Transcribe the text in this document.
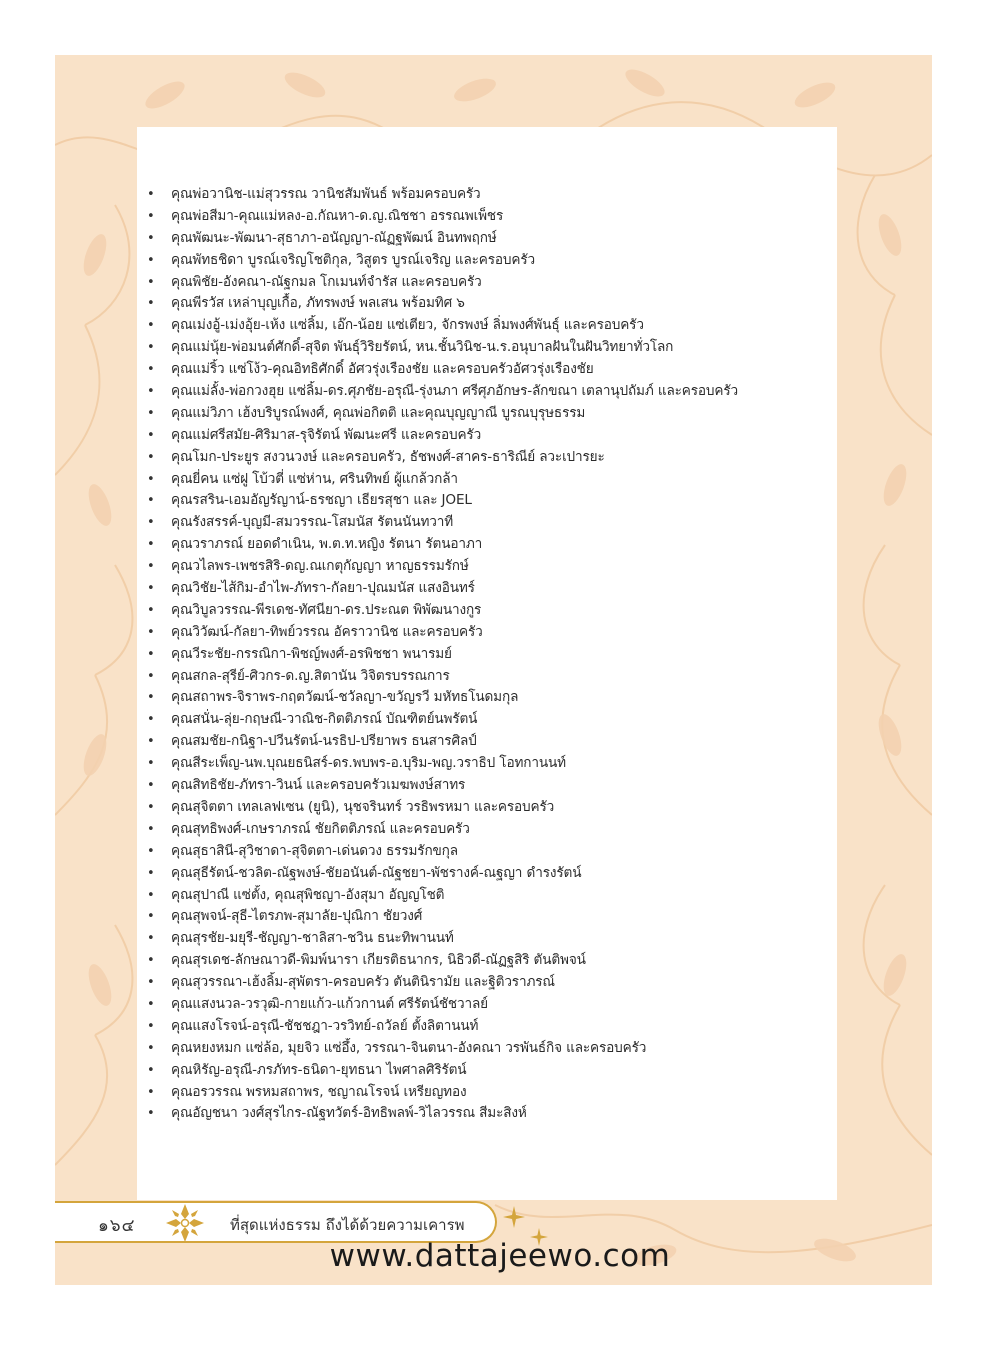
• คุณพ่อวานิช-แม่สุวรรณ วานิชสัมพันธ์ พร้อมครอบครัว
• คุณพ่อสีมา-คุณแม่หลง-อ.กัณหา-ด.ญ.ณิชชา อรรณพเพ็ชร
• คุณพัฒนะ-พัฒนา-สุธาภา-อนัญญา-ณัฏฐพัฒน์ อินทพฤกษ์
• คุณพัทธชิดา บูรณ์เจริญโชติกุล, วิสูตร บูรณ์เจริญ และครอบครัว
• คุณพิชัย-อังคณา-ณัฐกมล โกเมนท์จำรัส และครอบครัว
• คุณพีรวัส เหล่าบุญเกื้อ, ภัทรพงษ์ พลเสน พร้อมทิศ ๖
• คุณเม่งอู้-เม่งอุ้ย-เห้ง แซ่ลิ้ม, เอ๊ก-น้อย แซ่เตียว, จักรพงษ์ ลิ่มพงศ์พันธุ์ และครอบครัว
• คุณแม่นุ้ย-พ่อมนต์ศักดิ์-สุจิต พันธุ์วิริยรัตน์, หน.ชั้นวินิช-น.ร.อนุบาลฝันในฝันวิทยาทั่วโลก
• คุณแม่ริ้ว แซ่โง้ว-คุณอิทธิศักดิ์ อัศวรุ่งเรืองชัย และครอบครัวอัศวรุ่งเรืองชัย
• คุณแม่ลั้ง-พ่อกวงฮุย แซ่ลิ้ม-ดร.ศุภชัย-อรุณี-รุ่งนภา ศรีศุภอักษร-ลักขณา เตลานุปถัมภ์ และครอบครัว
• คุณแม่วิภา เฮ้งบริบูรณ์พงศ์, คุณพ่อกิตติ และคุณบุญญาณี บูรณบุรุษธรรม
• คุณแม่ศรีสมัย-ศิริมาส-รุจิรัตน์ พัฒนะศรี และครอบครัว
• คุณโมก-ประยูร สงวนวงษ์ และครอบครัว, ธัชพงศ์-สาคร-ธาริณีย์ ลวะเปารยะ
• คุณยี่คน แซ่ฝู โบ้วตี่ แซ่ห่าน, ศรินทิพย์ ผู้แกล้วกล้า
• คุณรสริน-เอมอัญรัญาน์-ธรชญา เธียรสุชา และ JOEL
• คุณรังสรรค์-บุญมี-สมวรรณ-โสมนัส รัตนนันทวาที
• คุณวราภรณ์ ยอดดำเนิน, พ.ต.ท.หญิง รัตนา รัตนอาภา
• คุณวไลพร-เพชรสิริ-ดญ.ณเกตุกัญญา หาญธรรมรักษ์
• คุณวิชัย-ไส้กิม-อำไพ-ภัทรา-กัลยา-ปุณมนัส แสงอินทร์
• คุณวิบูลวรรณ-พีรเดช-ทัศนียา-ดร.ประณต พิพัฒนางกูร
• คุณวิวัฒน์-กัลยา-ทิพย์วรรณ อัคราวานิช และครอบครัว
• คุณวีระชัย-กรรณิกา-พิชญ์พงศ์-อรพิชชา พนารมย์
• คุณสกล-สุรีย์-ศิวกร-ด.ญ.สิตานัน วิจิตรบรรณการ
• คุณสถาพร-จิราพร-กฤตวัฒน์-ชวัลญา-ขวัญรวี มหัทธโนดมกุล
• คุณสนั่น-ลุ่ย-กฤษณี-วาณิช-กิตติภรณ์ บัณฑิตย์นพรัตน์
• คุณสมชัย-กนิฐา-ปวีนรัตน์-นรธิป-ปรียาพร ธนสารศิลป์
• คุณสีระเพ็ญ-นพ.บุณยธนิสร์-ดร.พบพร-อ.บุริม-พญ.วราธิป โอทกานนท์
• คุณสิทธิชัย-ภัทรา-วินน์ และครอบครัวเมฆพงษ์สาทร
• คุณสุจิตตา เทลเลฟเซน (ยูนิ), นุชจรินทร์ วรธิพรหมา และครอบครัว
• คุณสุทธิพงศ์-เกษราภรณ์ ชัยกิตติภรณ์ และครอบครัว
• คุณสุธาสินี-สุวิชาดา-สุจิตตา-เด่นดวง ธรรมรักขกุล
• คุณสุธีรัตน์-ชวลิต-ณัฐพงษ์-ชัยอนันต์-ณัฐชยา-พัชรางค์-ณฐญา ดำรงรัตน์
• คุณสุปาณี แซ่ตั้ง, คุณสุพิชญา-อังสุมา อัญญโชติ
• คุณสุพจน์-สุธี-ไตรภพ-สุมาลัย-ปุณิกา ชัยวงศ์
• คุณสุรชัย-มยุรี-ชัญญา-ชาลิสา-ชวิน ธนะทิพานนท์
• คุณสุรเดช-ลักษณาวดี-พิมพ์นารา เกียรติธนากร, นิธิวดี-ณัฏฐสิริ ตันติพจน์
• คุณสุวรรณา-เฮ้งลิ้ม-สุพัตรา-ครอบครัว ตันตินิรามัย และฐิติวราภรณ์
• คุณแสงนวล-วรวุฒิ-กายแก้ว-แก้วกานต์ ศรีรัตน์ชัชวาลย์
• คุณแสงโรจน์-อรุณี-ชัชชฎา-วรวิทย์-ถวัลย์ ตั้งลิตานนท์
• คุณหยงหมก แซ่ล้อ, มุยจิว แซ่อึ้ง, วรรณา-จินตนา-อังคณา วรพันธ์กิจ และครอบครัว
• คุณหิรัญ-อรุณี-ภรภัทร-ธนิดา-ยุทธนา ไพศาลศิริรัตน์
• คุณอรวรรณ พรหมสถาพร, ชญาณโรจน์ เหรียญทอง
• คุณอัญชนา วงศ์สุรไกร-ณัฐทวัตร์-อิทธิพลพ์-วิไลวรรณ สีมะสิงห์
๑๖๔	ที่สุดแห่งธรรม ถึงได้ด้วยความเคารพ
www.dattajeewo.com
